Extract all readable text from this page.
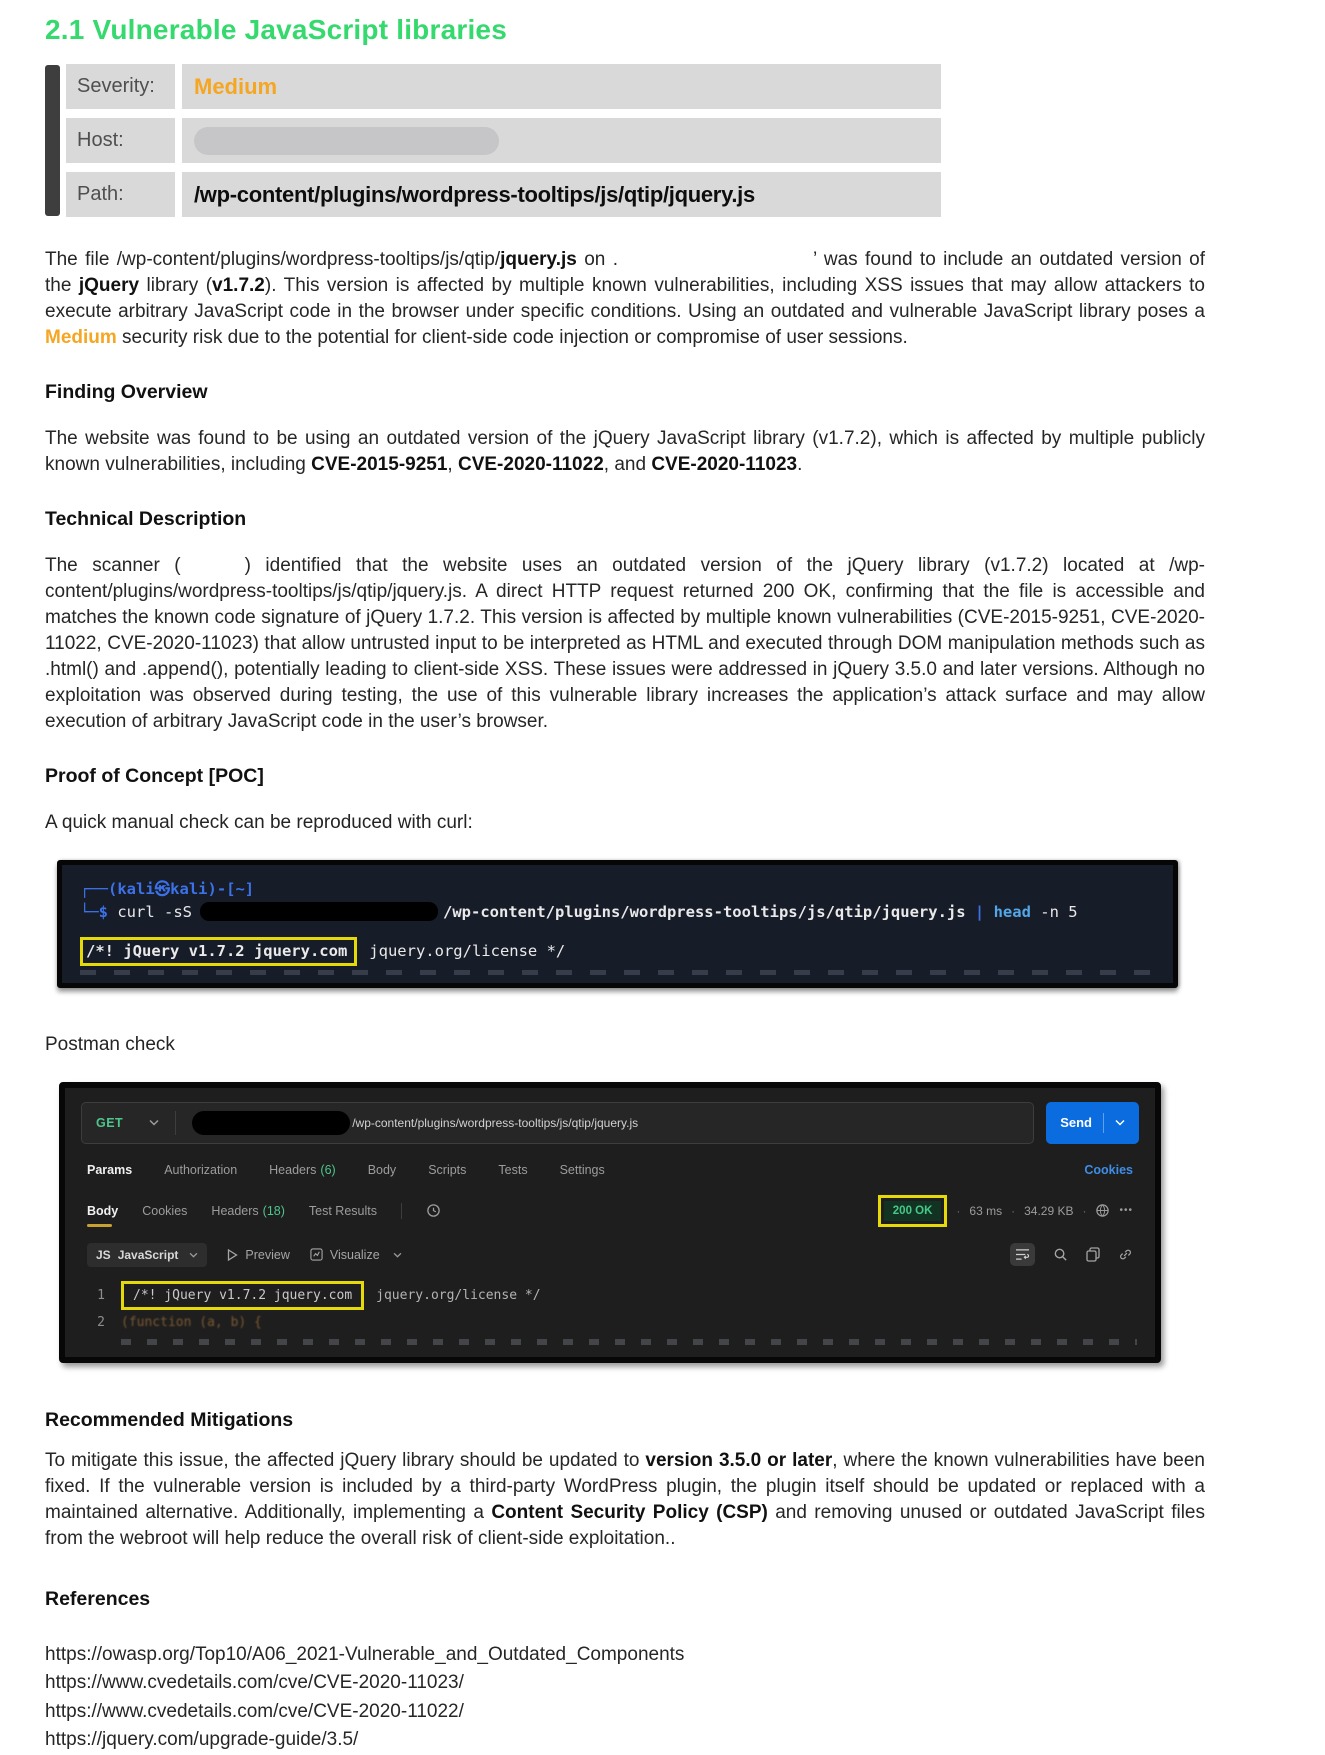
2.1 Vulnerable JavaScript libraries
Severity:	Medium
Host:
Path:	/wp-content/plugins/wordpress-tooltips/js/qtip/jquery.js

The file /wp-content/plugins/wordpress-tooltips/js/qtip/jquery.js on .	’ was found to include an outdated version of the jQuery library (v1.7.2). This version is affected by multiple known vulnerabilities, including XSS issues that may allow attackers to execute arbitrary JavaScript code in the browser under specific conditions. Using an outdated and vulnerable JavaScript library poses a Medium security risk due to the potential for client-side code injection or compromise of user sessions.

Finding Overview

The website was found to be using an outdated version of the jQuery JavaScript library (v1.7.2), which is affected by multiple publicly known vulnerabilities, including CVE-2015-9251, CVE-2020-11022, and CVE-2020-11023.

Technical Description

The scanner (	) identified that the website uses an outdated version of the jQuery library (v1.7.2) located at /wp-content/plugins/wordpress-tooltips/js/qtip/jquery.js. A direct HTTP request returned 200 OK, confirming that the file is accessible and matches the known code signature of jQuery 1.7.2. This version is affected by multiple known vulnerabilities (CVE-2015-9251, CVE-2020-11022, CVE-2020-11023) that allow untrusted input to be interpreted as HTML and executed through DOM manipulation methods such as .html() and .append(), potentially leading to client-side XSS. These issues were addressed in jQuery 3.5.0 and later versions. Although no exploitation was observed during testing, the use of this vulnerable library increases the application’s attack surface and may allow execution of arbitrary JavaScript code in the user’s browser.

Proof of Concept [POC]

A quick manual check can be reproduced with curl:

┌──(kali㉿kali)-[~]
└─$ curl -sS	/wp-content/plugins/wordpress-tooltips/js/qtip/jquery.js | head -n 5
/*! jQuery v1.7.2 jquery.com jquery.org/license */

Postman check

GET	/wp-content/plugins/wordpress-tooltips/js/qtip/jquery.js	Send
Params	Authorization	Headers (6)	Body	Scripts	Tests	Settings	Cookies
Body Cookies Headers (18) Test Results	200 OK	· 63 ms · 34.29 KB ·	•••
JS JavaScript	Preview	Visualize
1	/*! jQuery v1.7.2 jquery.com	jquery.org/license */
2 (function (a, b) {
Recommended Mitigations

To mitigate this issue, the affected jQuery library should be updated to version 3.5.0 or later, where the known vulnerabilities have been fixed. If the vulnerable version is included by a third-party WordPress plugin, the plugin itself should be updated or replaced with a maintained alternative. Additionally, implementing a Content Security Policy (CSP) and removing unused or outdated JavaScript files from the webroot will help reduce the overall risk of client-side exploitation..

References
https://owasp.org/Top10/A06_2021-Vulnerable_and_Outdated_Components
https://www.cvedetails.com/cve/CVE-2020-11023/
https://www.cvedetails.com/cve/CVE-2020-11022/
https://jquery.com/upgrade-guide/3.5/
